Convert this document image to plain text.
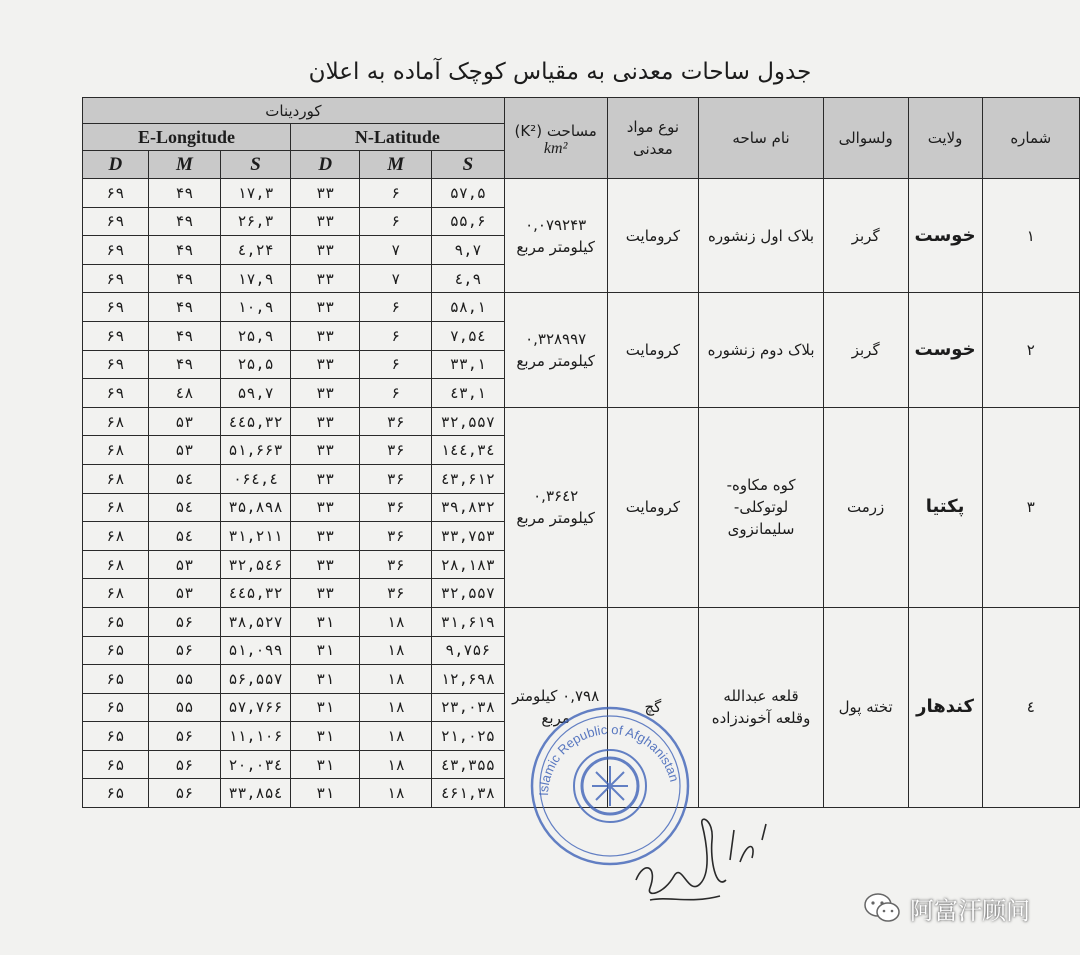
جدول ساحات معدنی به مقیاس کوچک آماده به اعلان
شماره	ولایت	ولسوالی	نام ساحه	نوع مواد معدنی	مساحت (K²)
km²	کوردینات					
						N-Latitude			E-Longitude		
						S	M	D	S	M	D
۱	خوست	گربز	بلاک اول زنشوره	کرومایت	۰,۰۷۹۲۴۳ کیلومتر مربع	۵۷,۵	۶	۳۳	۱۷,۳	۴۹	۶۹
						۵۵,۶	۶	۳۳	۲۶,۳	۴۹	۶۹
						۹,۷	۷	۳۳	۲۴,٤	۴۹	۶۹
						۹,٤	۷	۳۳	۱۷,۹	۴۹	۶۹
۲	خوست	گربز	بلاک دوم زنشوره	کرومایت	۰,۳۲۸۹۹۷ کیلومتر مربع	۵۸,۱	۶	۳۳	۱۰,۹	۴۹	۶۹
						۵٤,۷	۶	۳۳	۲۵,۹	۴۹	۶۹
						۳۳,۱	۶	۳۳	۲۵,۵	۴۹	۶۹
						٤۳,۱	۶	۳۳	۵۹,۷	٤۸	۶۹
۳	پکتیا	زرمت	کوه مکاوه- لوتوکلی- سلیمانزوی	کرومایت	۰,۳۶٤۲ کیلومتر مربع	۳۲,۵۵۷	۳۶	۳۳	۳۲,٤٤۵	۵۳	۶۸
						۳٤,۱٤٤	۳۶	۳۳	۵۱,۶۶۳	۵۳	۶۸
						٤۳,۶۱۲	۳۶	۳۳	٤,۰۶٤	۵٤	۶۸
						۳۹,۸۳۲	۳۶	۳۳	۳۵,۸۹۸	۵٤	۶۸
						۳۳,۷۵۳	۳۶	۳۳	۳۱,۲۱۱	۵٤	۶۸
						۲۸,۱۸۳	۳۶	۳۳	۳۲,۵٤۶	۵۳	۶۸
						۳۲,۵۵۷	۳۶	۳۳	۳۲,٤٤۵	۵۳	۶۸
٤	کندهار	تخته پول	قلعه عبدالله وقلعه آخوندزاده	گچ	۰,۷۹۸ کیلومتر مربع	۳۱,۶۱۹	۱۸	۳۱	۳۸,۵۲۷	۵۶	۶۵
						۹,۷۵۶	۱۸	۳۱	۵۱,۰۹۹	۵۶	۶۵
						۱۲,۶۹۸	۱۸	۳۱	۵۶,۵۵۷	۵۵	۶۵
						۲۳,۰۳۸	۱۸	۳۱	۵۷,۷۶۶	۵۵	۶۵
						۲۱,۰۲۵	۱۸	۳۱	۱۱,۱۰۶	۵۶	۶۵
						٤۳,۳۵۵	۱۸	۳۱	۲۰,۰۳٤	۵۶	۶۵
						۳۸,٤۶۱	۱۸	۳۱	۳۳,۸۵٤	۵۶	۶۵	Islamic Republic of Afghanistan
阿富汗顾问
